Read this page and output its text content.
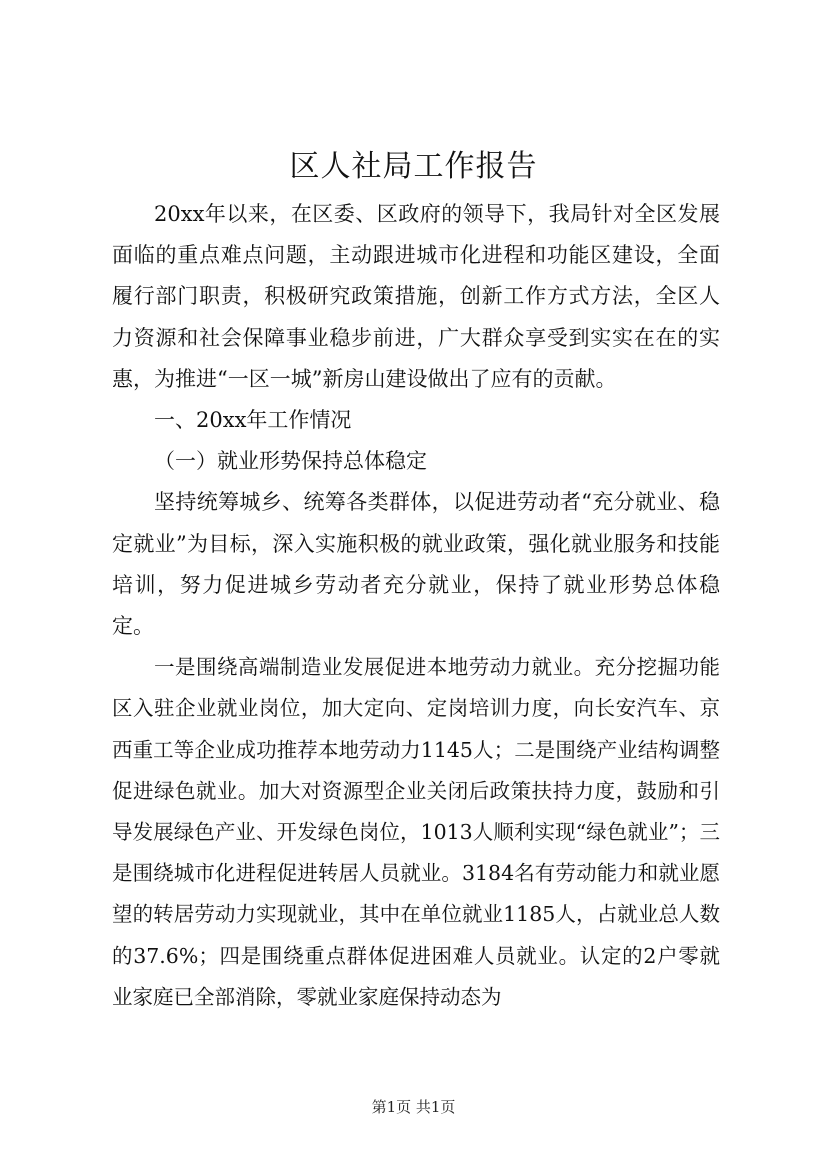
区人社局工作报告

20xx年以来，在区委、区政府的领导下，我局针对全区发展面临的重点难点问题，主动跟进城市化进程和功能区建设，全面履行部门职责，积极研究政策措施，创新工作方式方法，全区人力资源和社会保障事业稳步前进，广大群众享受到实实在在的实惠，为推进“一区一城”新房山建设做出了应有的贡献。

一、20xx年工作情况

（一）就业形势保持总体稳定

坚持统筹城乡、统筹各类群体，以促进劳动者“充分就业、稳定就业”为目标，深入实施积极的就业政策，强化就业服务和技能培训，努力促进城乡劳动者充分就业，保持了就业形势总体稳定。

一是围绕高端制造业发展促进本地劳动力就业。充分挖掘功能区入驻企业就业岗位，加大定向、定岗培训力度，向长安汽车、京西重工等企业成功推荐本地劳动力1145人；二是围绕产业结构调整促进绿色就业。加大对资源型企业关闭后政策扶持力度，鼓励和引导发展绿色产业、开发绿色岗位，1013人顺利实现“绿色就业”；三是围绕城市化进程促进转居人员就业。3184名有劳动能力和就业愿望的转居劳动力实现就业，其中在单位就业1185人，占就业总人数的37.6%；四是围绕重点群体促进困难人员就业。认定的2户零就业家庭已全部消除，零就业家庭保持动态为

第1页 共1页
